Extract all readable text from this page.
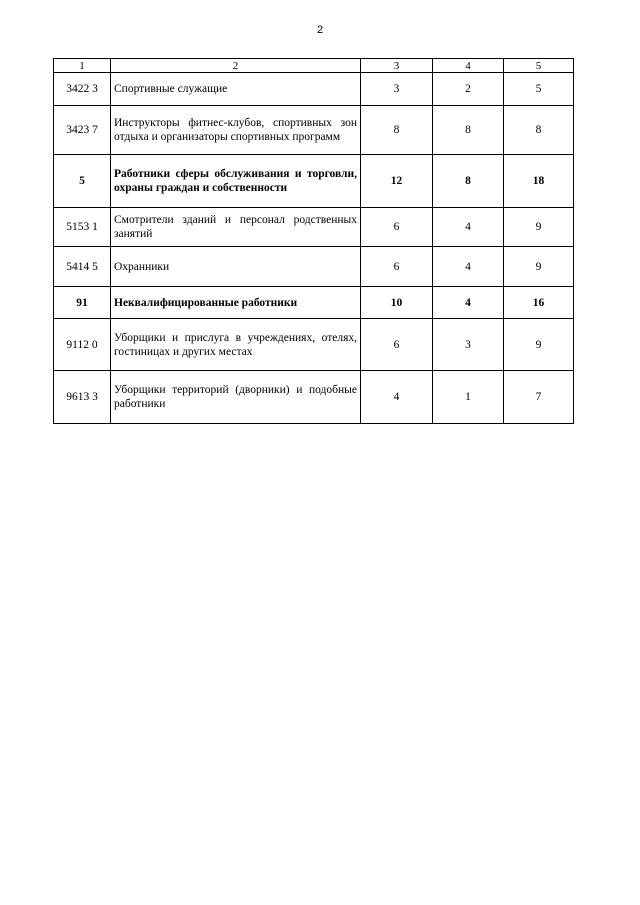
2
1	2	3	4	5
3422 3	Спортивные служащие	3	2	5
3423 7	Инструкторы фитнес-клубов, спортивных зон отдыха и организаторы спортивных программ	8	8	8
5	Работники сферы обслуживания и торговли, охраны граждан и собственности	12	8	18
5153 1	Смотрители зданий и персонал родственных занятий	6	4	9
5414 5	Охранники	6	4	9
91	Неквалифицированные работники	10	4	16
9112 0	Уборщики и прислуга в учреждениях, отелях, гостиницах и других местах	6	3	9
9613 3	Уборщики территорий (дворники) и подобные работники	4	1	7
